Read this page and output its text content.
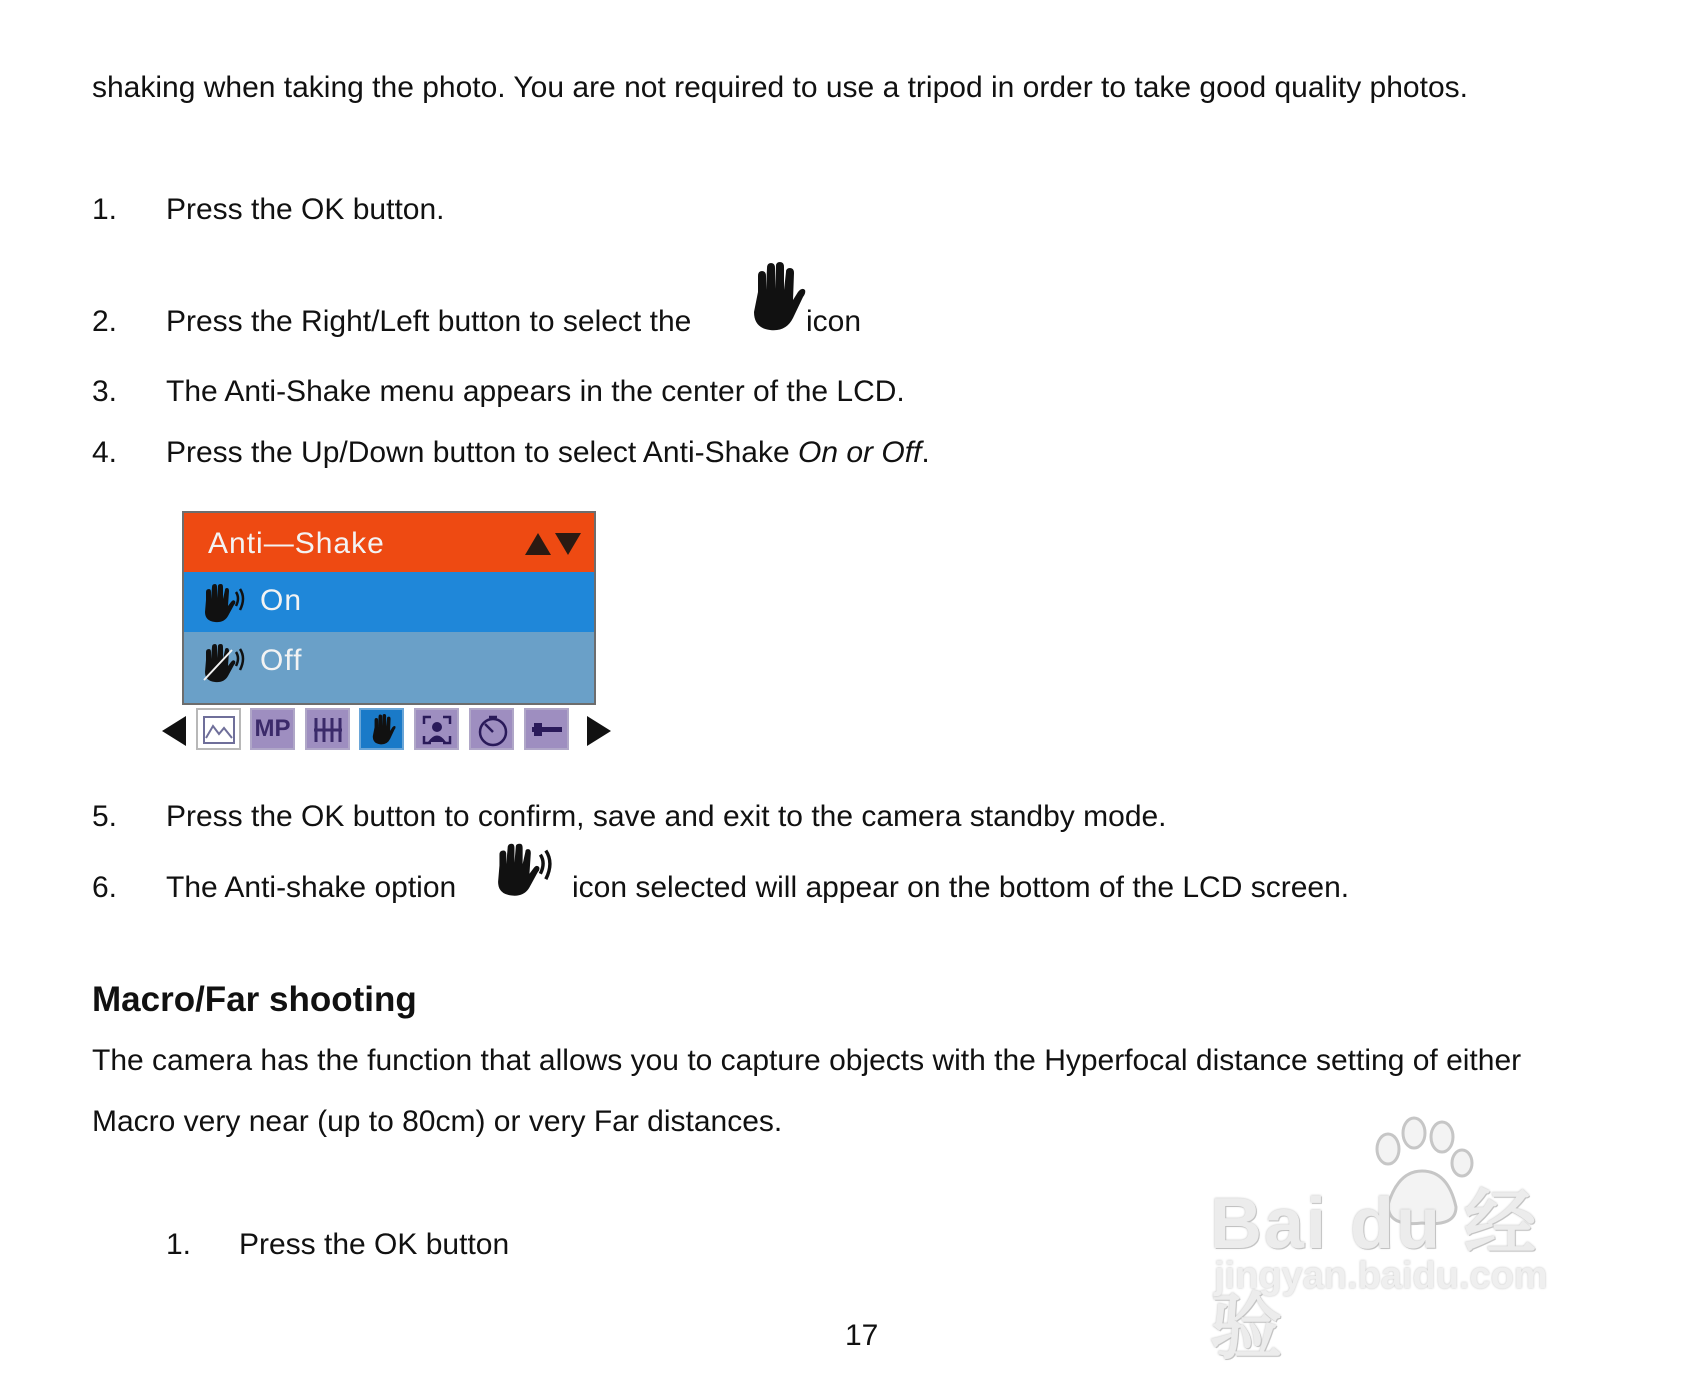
shaking when taking the photo. You are not required to use a tripod in order to take good quality photos.
1. Press the OK button.
2. Press the Right/Left button to select the	icon
3. The Anti-Shake menu appears in the center of the LCD.
4. Press the Up/Down button to select Anti-Shake On or Off.
Anti—Shake
On
Off
MP
5. Press the OK button to confirm, save and exit to the camera standby mode.
6. The Anti-shake option	icon selected will appear on the bottom of the LCD screen.
Macro/Far shooting
The camera has the function that allows you to capture objects with the Hyperfocal distance setting of either
Macro very near (up to 80cm) or very Far distances.
1. Press the OK button
17
Bai du 经验
jingyan.baidu.com
